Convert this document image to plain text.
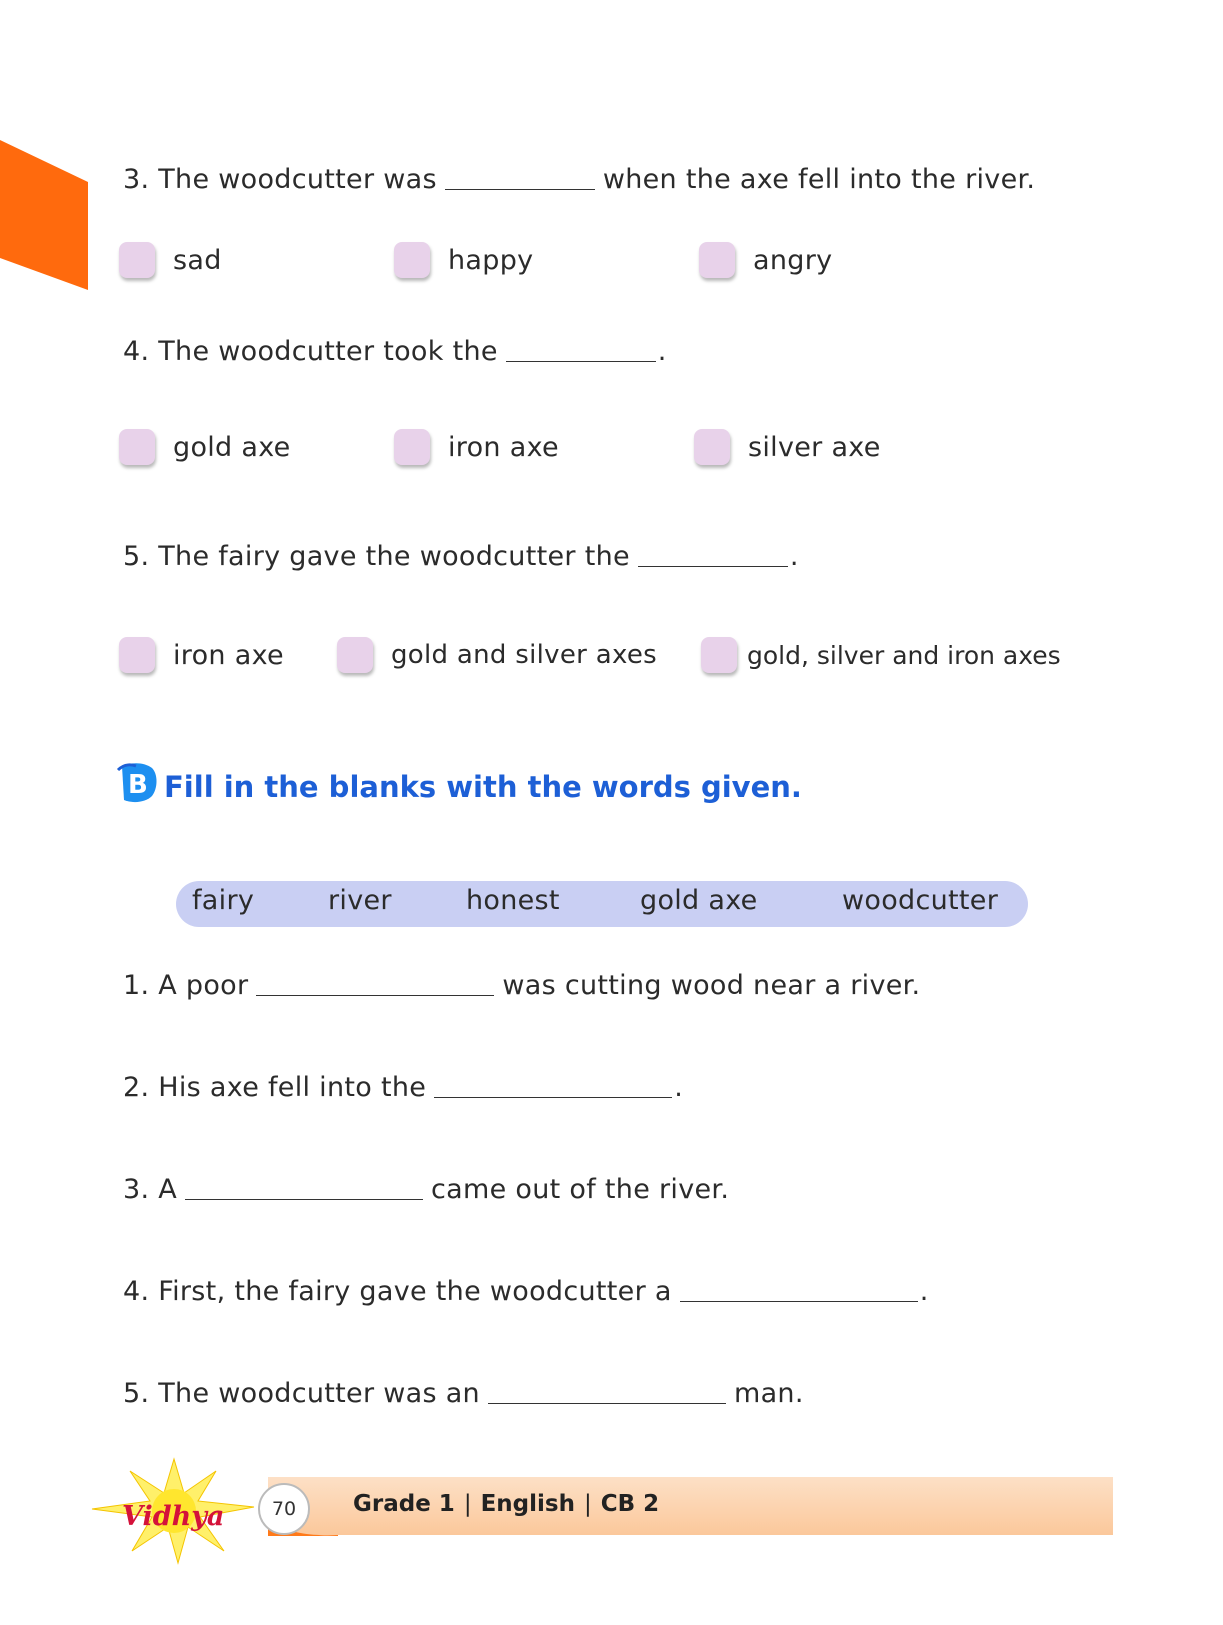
3. The woodcutter was	when the axe fell into the river.
sad	happy	angry
4. The woodcutter took the	.
gold axe	iron axe	silver axe
5. The fairy gave the woodcutter the	.
iron axe	gold and silver axes	gold, silver and iron axes
B Fill in the blanks with the words given.
fairy	river	honest	gold axe	woodcutter
1. A poor	was cutting wood near a river.
2. His axe fell into the	.
3. A	came out of the river.
4. First, the fairy gave the woodcutter a	.
5. The woodcutter was an	man.
Vidhya	70	Grade 1 | English | CB 2
